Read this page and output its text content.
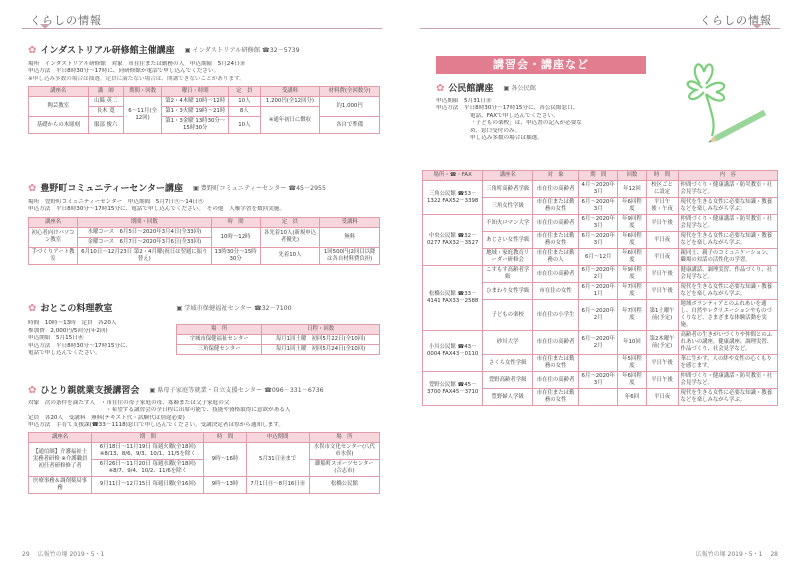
くらしの情報
✿ インダストリアル研修館主催講座 ▣ インダストリアル研修館 ☎32－5739
場所　インダストリアル研修館　対象　市在住または勤務の人　申込期限　5月24日㊎
申込方法　平日8時30分～17時に、同研修館か電話で申し込んでください。
※申し込み多数の場合は抽選。定員に満たない場合は、開講できないことがあります。
講座名	講　師	期間・回数	曜日・時間	定　員	受講料	材料費(全回数分)
陶芸教室	山縣 英二	6～11月(全12回)	第2・4木曜 10時～12時	10人	1,200円(全12回分)	約1,000円
	長木 寛		第1・3火曜 19時～21時	8人	※通年初日に徴収	
基礎からの木彫刻	服部 俊六		第1・3金曜 13時30分～15時30分	10人		各自で準備
✿ 豊野町コミュニティーセンター講座 ▣ 豊野町コミュニティーセンター ☎45－2955
場所　豊野町コミュニティーセンター　申込期間　5月7日㊋～14日㊋
申込方法　平日8時30分～17時15分に、電話で申し込んでください。　その他　人権学習を数回実施。
講座名	期間・回数	時　間	定　員	受講料
初心者向けパソコン教室	水曜コース　6月5日～2020年3月4日(全33回)	10時～12時	各先着10人(新規申込者優先)	無料
	金曜コース　6月7日～2020年3月6日(全33回)			
手づくりアート教室	6月10日～12月23日 第2・4月曜(祝日は翌週に振り替え)	13時30分～15時30分	先着10人	1回500円(2回目以降は各自材料費負担)
✿ おとこの料理教室	▣ 学域市保健福祉センター ☎32－7100
時間　10時～13時　定員　各20人
参加費　2,000円/5回分(年2回)
申込開始　5月15日㊌
申込方法　平日8時30分～17時15分に、
電話で申し込んでください。
場　所	日程・回数
宇城市保健福祉センター	毎月1回土曜　初回5月22日(全10回)
三角保健センター	毎月1回土曜　初回5月24日(全10回)
✿ ひとり親就業支援講習会 ▣ 県母子家庭等就業・自立支援センター ☎096－331－6736
対象　次の条件を満たす人　・市在住の母子家庭の母、寡婦または父子家庭の父
・希望する講習会の全日程に出席可能で、技能や資格取得に意欲がある人
定員　各20人　受講料　無料(テキスト代・試験代は別途必要)
申込方法　手育て支援課(☎33－1118)窓口で申し込んでください。受講決定者は県から通知します。
講座名	期　間	時　間	申込期間	場　所
【通信制】介護福祉士実務者研修 ※介護職員初任者研修修了者	6月18日～11月19日 毎週火曜(全18回) ※8/13、8/6、9/3、10/1、11/5を除く	9時～16時	5月31日㊎まで	水俣市文化センター(八代市水俣)
	6月26日～11月20日 毎週水曜(全18回) ※8/7、9/4、10/2、11/6を除く			御船町スポーツセンター(合志市)
医療事務＆調剤薬局事務	9月11日～12月15日 毎週日曜(全16回)	9時～13時	7月1日㊊～8月16日㊎	松橋公民館
29 広報竹の塚 2019・5・1
くらしの情報
講習会・講座など
✿ 公民館講座 ▣ 各公民館
申込期限　5月31日㊎
申込方法　平日8時30分～17時15分に、各公民館窓口、
電話、FAXで申し込んでください。
「子どもの楽校」は、申込書の記入が必要な
め、窓口受付のみ。
申し込み多数の場合は抽選。
場所・☎・FAX	講座名	対　象	期　間	回数	時　間	内　容
三角公民館 ☎53－1322 FAX52－3398	三角町高齢者学級	市在住の高齢者	4月～2020年3月	年12回	校区ごとに設定	仲間づくり・健康講話・防災教室・社会見学など。
	三角女性学級	市在住または勤務の女性	6月～2020年3月	年6回程度	平日午後・午夜	現代を生きる女性に必要な知識・教養などを楽しみながら学ぶ。
中央公民館 ☎32－0277 FAX32－3527	不知火ロマン大学	市在住の高齢者	6月～2020年3月	年9回程度	平日午後	仲間づくり・健康講話・防災教室・社会見学など。
	あじさい女性学級	市在住または勤務の女性	6月～2020年3月	年6回程度	平日夜	現代を生きる女性に必要な知識・教養などを楽しみながら学ぶ。
	地域・家庭教育リーダー研修会	市在住または勤務の人	6月～12月	年6回程度	平日夜	親同士、親子のコミュニケーション、職場の対話の活性化の学習。
松橋公民館 ☎33－4141 FAX33－2588	こすもす高齢者学級	市在住の高齢者	6月～2020年2月	年9回程度	平日午後	健康講話、調理実習、作品づくり、社会見学など。
	ひまわり女性学級	市在住の女性	6月～2020年1月	年7回程度	平日午後	現代を生きる女性に必要な知識・教養などを楽しみながら学ぶ。
	子どもの楽校	市在住の小学生	6月～2020年2月	年7回程度	第1土曜午前(予定)	地域ボランティアとのふれあいを通し、自然やレクリエーションやものづくりなど、さまざまな体験活動を実施。
小川公民館 ☎43－0004 FAX43－0110	砂川大学	市在住の高齢者	6月～2020年2月	年10回	第2木曜午前(予定)	高齢者の生きがいづくりや仲間とのふれあいの講座。健康講座、調理実習、作品づくり、社会見学など。
	さくら女性学級	市在住または勤務の女性		年5回程度	平日午後	華に生かす、人の絆や女性の心くもりを感じます。
豊野公民館 ☎45－3700 FAX45－3710	豊野高齢者学級	市在住の高齢者	6月～2020年3月	年6回程度	平日午後	仲間づくり・健康講話・防災教室・社会見学など。
	豊野婦人学級	市在住または勤務の女性		年6回	平日夜	現代を生きる女性に必要な知識・教養などを楽しみながら学ぶ。
広報竹の塚 2019・5・1 28
